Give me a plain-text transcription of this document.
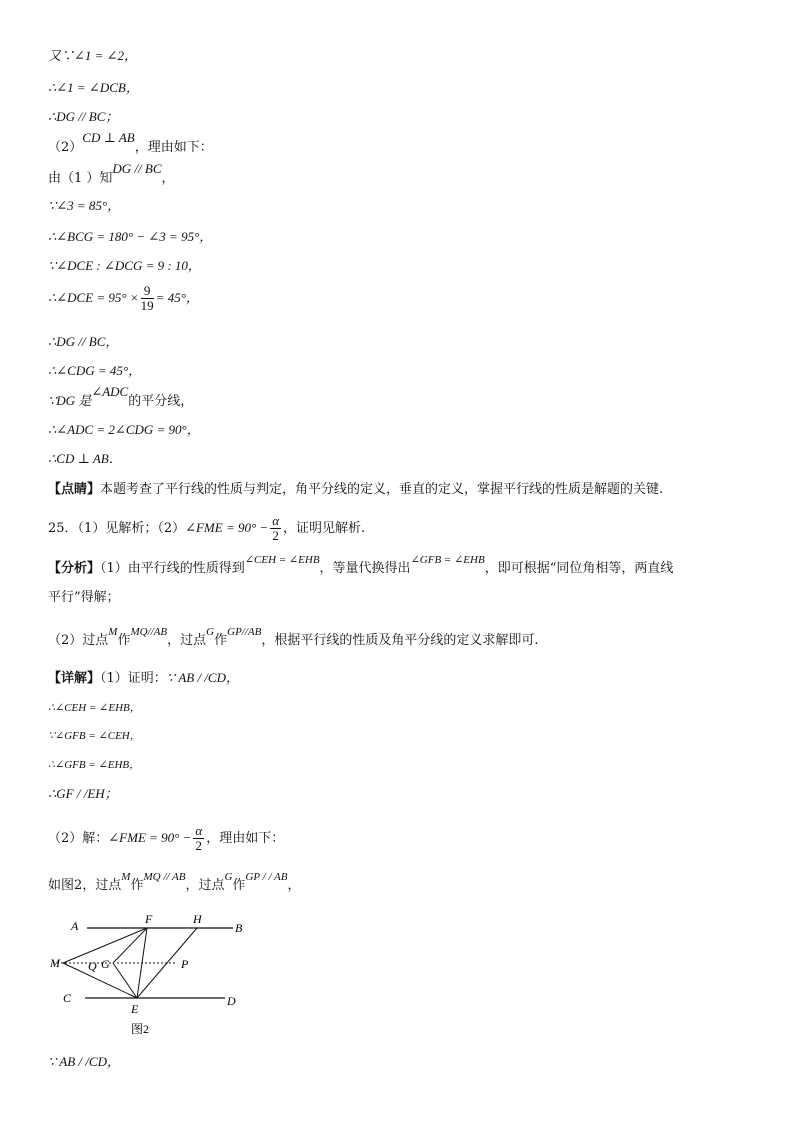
又∵∠1 = ∠2，
∴∠1 = ∠DCB，
∴DG // BC；
（2）CD ⊥ AB，理由如下：
由（1 ）知DG // BC，
∵∠3 = 85°，
∴∠BCG = 180° − ∠3 = 95°，
∵∠DCE : ∠DCG = 9 : 10，
∴∠DCE = $95^\circ \times \frac{9}{19} = 45^\circ$，
∴DG // BC，
∴∠CDG = 45°，
∵DG 是∠ADC的平分线，
∴∠ADC = 2∠CDG = 90°，
∴CD ⊥ AB．
【点睛】本题考查了平行线的性质与判定，角平分线的定义，垂直的定义，掌握平行线的性质是解题的关键.
25．（1）见解析；（2）∠FME = $90^\circ - \frac{\alpha}{2}$ ，证明见解析.
【分析】（1）由平行线的性质得到$^{\angle CEH = \angle EHB}$，等量代换得出$^{\angle GFB = \angle EHB}$，即可根据“同位角相等，两直线
平行”得解；
（2）过点$^M$作$^{MQ//AB}$，过点$^G$作$^{GP//AB}$，根据平行线的性质及角平分线的定义求解即可.
【详解】（1）证明：∵ AB / /CD，
∴∠CEH = ∠EHB，
∵∠GFB = ∠CEH，
∴∠GFB = ∠EHB，
∴GF / /EH；
（2）解：∠FME = $90^\circ - \frac{\alpha}{2}$ ，理由如下：
如图2，过点$^M$作$^{MQ // AB}$，过点$^G$作$^{GP / / AB}$，
A	B
F	H
M Q G	P
C	D
E
图2
∵ AB / /CD，
